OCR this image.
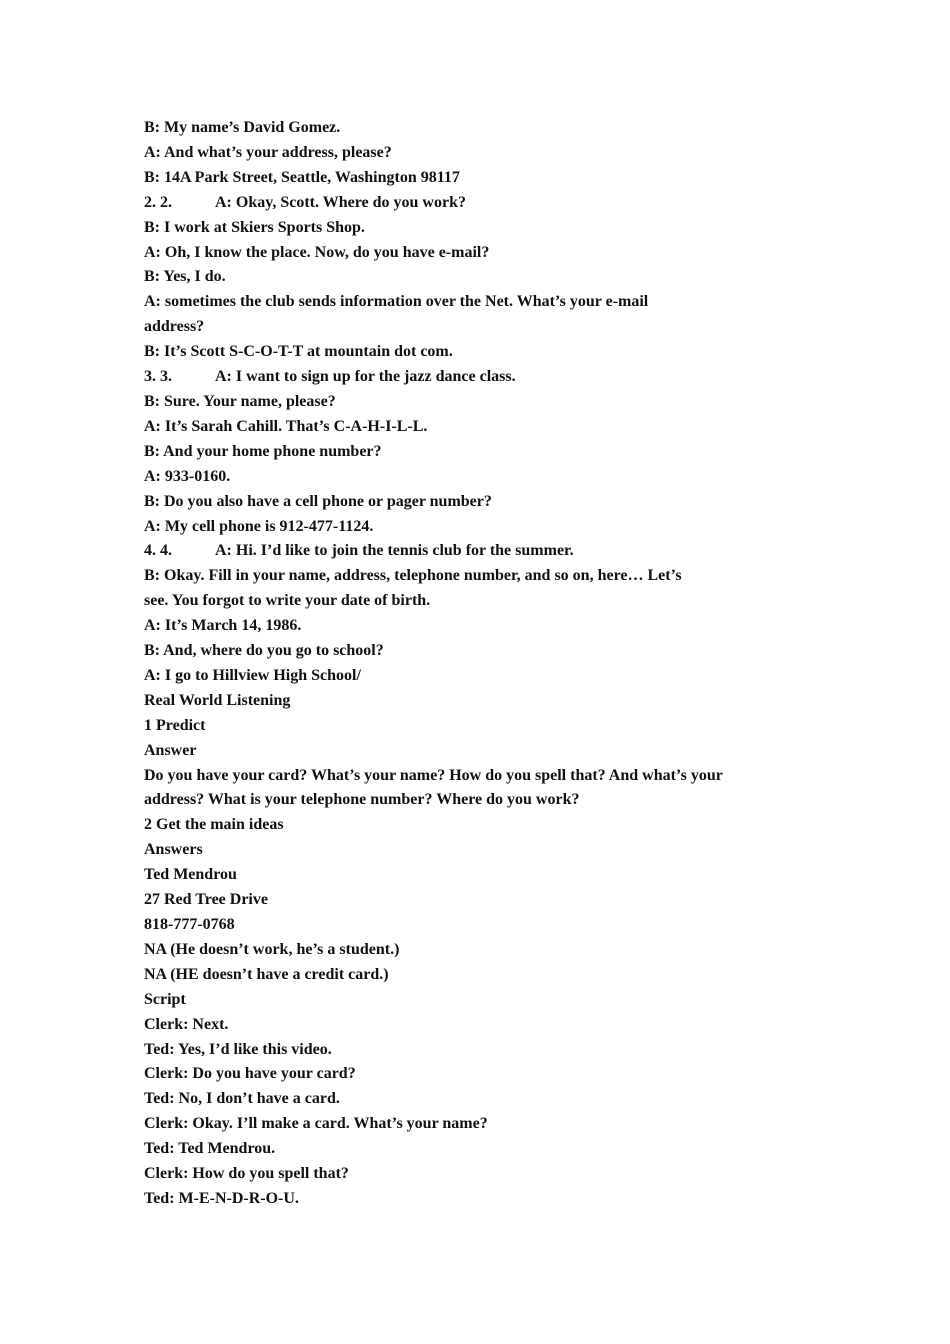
B: My name’s David Gomez.
A: And what’s your address, please?
B: 14A Park Street, Seattle, Washington 98117
2. 2.	A: Okay, Scott. Where do you work?
B: I work at Skiers Sports Shop.
A: Oh, I know the place. Now, do you have e-mail?
B: Yes, I do.
A: sometimes the club sends information over the Net. What’s your e-mail
address?
B: It’s Scott S-C-O-T-T at mountain dot com.
3. 3.	A: I want to sign up for the jazz dance class.
B: Sure. Your name, please?
A: It’s Sarah Cahill. That’s C-A-H-I-L-L.
B: And your home phone number?
A: 933-0160.
B: Do you also have a cell phone or pager number?
A: My cell phone is 912-477-1124.
4. 4.	A: Hi. I’d like to join the tennis club for the summer.
B: Okay. Fill in your name, address, telephone number, and so on, here… Let’s
see. You forgot to write your date of birth.
A: It’s March 14, 1986.
B: And, where do you go to school?
A: I go to Hillview High School/
Real World Listening
1 Predict
Answer
Do you have your card? What’s your name? How do you spell that? And what’s your
address? What is your telephone number? Where do you work?
2 Get the main ideas
Answers
Ted Mendrou
27 Red Tree Drive
818-777-0768
NA (He doesn’t work, he’s a student.)
NA (HE doesn’t have a credit card.)
Script
Clerk: Next.
Ted: Yes, I’d like this video.
Clerk: Do you have your card?
Ted: No, I don’t have a card.
Clerk: Okay. I’ll make a card. What’s your name?
Ted: Ted Mendrou.
Clerk: How do you spell that?
Ted: M-E-N-D-R-O-U.
